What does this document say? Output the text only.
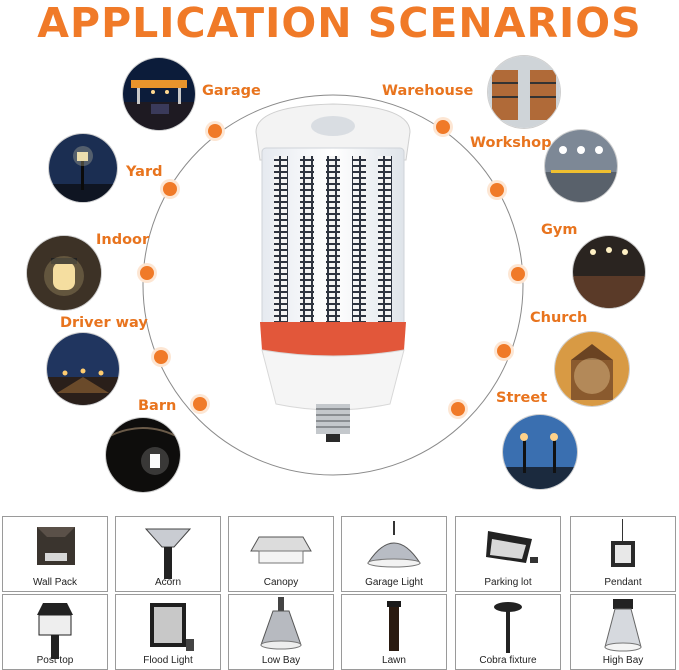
APPLICATION SCENARIOS
Garage
Yard
Indoor
Driver way
Barn
Warehouse
Workshop
Gym
Church
Street
Wall Pack	Acorn	Canopy	Garage Light	Parking lot	Pendant
Post top	Flood Light	Low Bay	Lawn	Cobra fixture	High Bay
